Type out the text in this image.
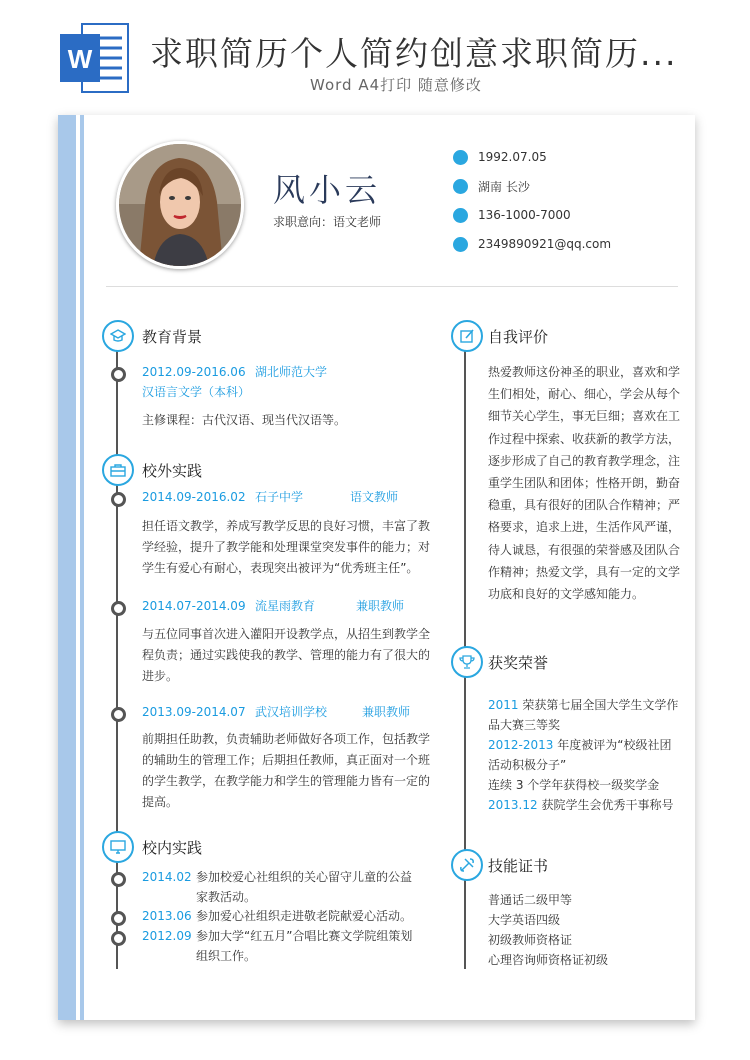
W 求职简历个人简约创意求职简历...
Word A4打印 随意修改
风小云
求职意向：语文老师
1992.07.05
湖南 长沙
136-1000-7000
2349890921@qq.com
教育背景
2012.09-2016.06 湖北师范大学
汉语言文学（本科）
主修课程：古代汉语、现当代汉语等。
校外实践
2014.09-2016.02 石子中学	语文教师
担任语文教学，养成写教学反思的良好习惯，丰富了教
学经验，提升了教学能和处理课堂突发事件的能力；对
学生有爱心有耐心，表现突出被评为“优秀班主任”。
2014.07-2014.09 流星雨教育	兼职教师
与五位同事首次进入灌阳开设教学点，从招生到教学全
程负责；通过实践使我的教学、管理的能力有了很大的
进步。
2013.09-2014.07 武汉培训学校	兼职教师
前期担任助教，负责辅助老师做好各项工作，包括教学
的辅助生的管理工作；后期担任教师，真正面对一个班
的学生教学，在教学能力和学生的管理能力皆有一定的
提高。
校内实践
2014.02 参加校爱心社组织的关心留守儿童的公益
家教活动。
2013.06 参加爱心社组织走进敬老院献爱心活动。
2012.09 参加大学“红五月”合唱比赛文学院组策划
组织工作。
自我评价
热爱教师这份神圣的职业，喜欢和学
生们相处，耐心、细心，学会从每个
细节关心学生，事无巨细；喜欢在工
作过程中探索、收获新的教学方法，
逐步形成了自己的教育教学理念，注
重学生团队和团体；性格开朗，勤奋
稳重，具有很好的团队合作精神；严
格要求，追求上进，生活作风严谨，
待人诚恳，有很强的荣誉感及团队合
作精神；热爱文学，具有一定的文学
功底和良好的文学感知能力。
获奖荣誉
2011 荣获第七届全国大学生文学作
品大赛三等奖
2012-2013 年度被评为“校级社团
活动积极分子”
连续 3 个学年获得校一级奖学金
2013.12 获院学生会优秀干事称号
技能证书
普通话二级甲等
大学英语四级
初级教师资格证
心理咨询师资格证初级
